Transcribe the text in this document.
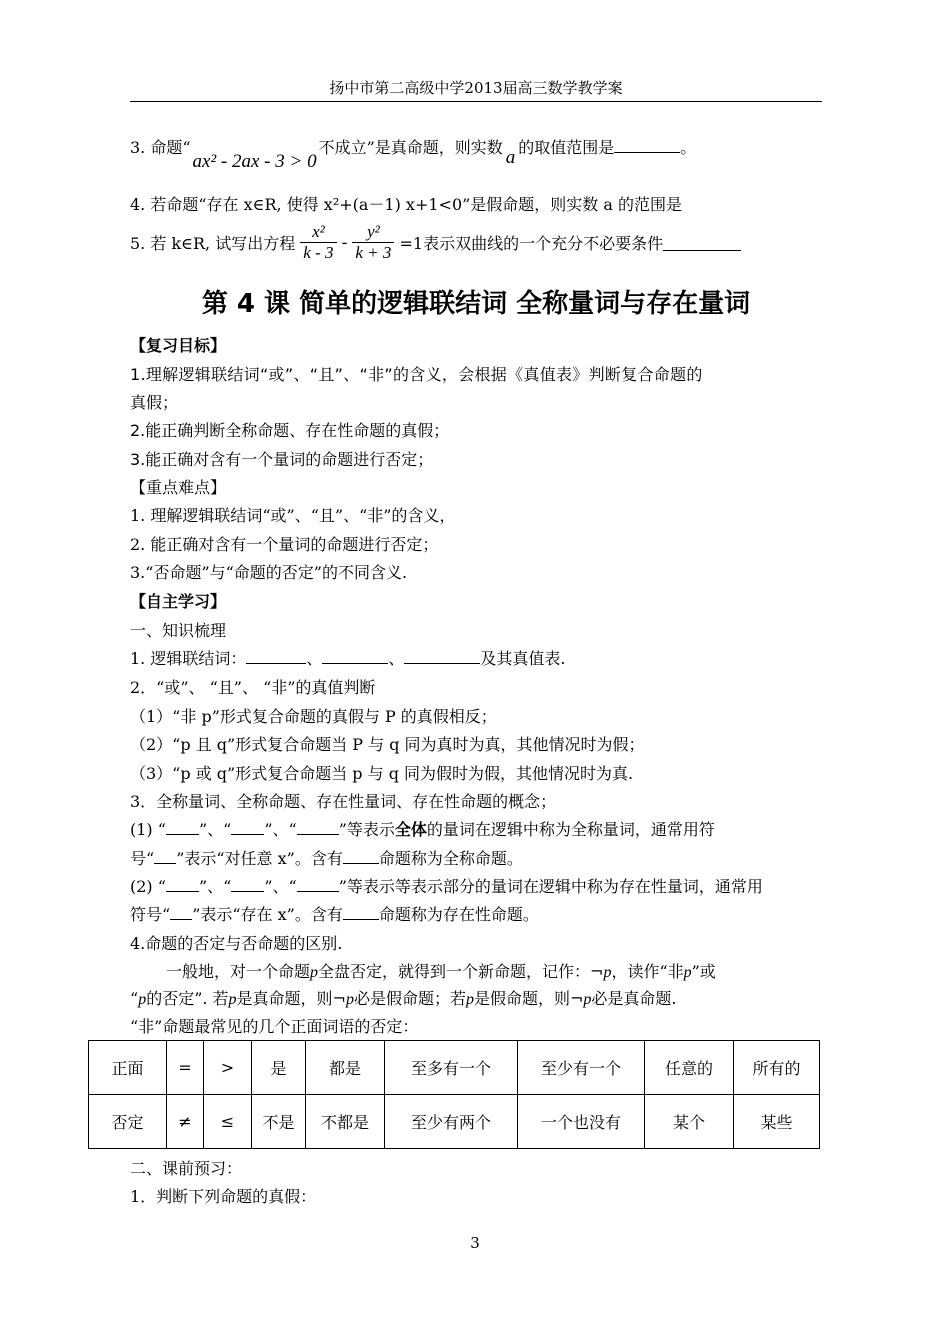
扬中市第二高级中学2013届高三数学教学案
3. 命题“ax² - 2ax - 3 > 0不成立”是真命题，则实数 a 的取值范围是	。
4. 若命题“存在 x∈R, 使得 x²+(a－1) x+1<0”是假命题，则实数 a 的范围是
5. 若 k∈R, 试写出方程 $\frac{\text{x²}}{k - 3} - \frac{\text{y²}}{k + 3} =1$表示双曲线的一个充分不必要条件
第 4 课 简单的逻辑联结词 全称量词与存在量词
【复习目标】
1.理解逻辑联结词“或”、“且”、“非”的含义，会根据《真值表》判断复合命题的
真假；
2.能正确判断全称命题、存在性命题的真假；
3.能正确对含有一个量词的命题进行否定；
【重点难点】
1. 理解逻辑联结词“或”、“且”、“非”的含义，
2. 能正确对含有一个量词的命题进行否定；
3.“否命题”与“命题的否定”的不同含义.
【自主学习】
一、知识梳理
1. 逻辑联结词：	、	、	及其真值表.
2．“或”、 “且”、 “非”的真值判断
（1）“非 p”形式复合命题的真假与 P 的真假相反；
（2）“p 且 q”形式复合命题当 P 与 q 同为真时为真，其他情况时为假；
（3）“p 或 q”形式复合命题当 p 与 q 同为假时为假，其他情况时为真.
3．全称量词、全称命题、存在性量词、存在性命题的概念；
(1) “ ”、“ ”、“	”等表示全体的量词在逻辑中称为全称量词，通常用符
号“ ”表示“对任意 x”。含有 命题称为全称命题。
(2) “ ”、“ ”、“	”等表示等表示部分的量词在逻辑中称为存在性量词，通常用
符号“ ”表示“存在 x”。含有 命题称为存在性命题。
4.命题的否定与否命题的区别.
一般地，对一个命题p全盘否定，就得到一个新命题，记作：¬p，读作“非p”或
“p的否定”. 若p是真命题，则¬p必是假命题；若p是假命题，则¬p必是真命题.
“非”命题最常见的几个正面词语的否定：
正面	=	>	是	都是	至多有一个	至少有一个	任意的	所有的
否定	≠	≤	不是	不都是	至少有两个	一个也没有	某个	某些
二、课前预习：
1．判断下列命题的真假：
3
